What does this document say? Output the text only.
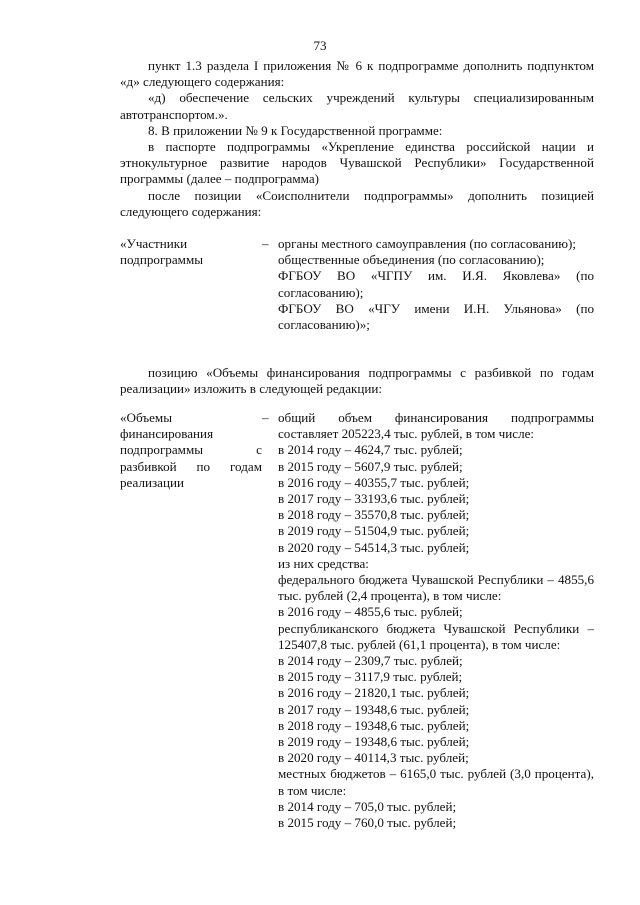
73

пункт 1.3 раздела I приложения № 6 к подпрограмме дополнить подпунктом «д» следующего содержания:

«д) обеспечение сельских учреждений культуры специализированным автотранспортом.».

8. В приложении № 9 к Государственной программе:

в паспорте подпрограммы «Укрепление единства российской нации и этнокультурное развитие народов Чувашской Республики» Государственной программы (далее – подпрограмма)

после позиции «Соисполнители подпрограммы» дополнить позицией следующего содержания:

«Участники подпрограммы

– органы местного самоуправления (по согласованию);

общественные объединения (по согласованию);

ФГБОУ ВО «ЧГПУ им. И.Я. Яковлева» (по согласованию);

ФГБОУ ВО «ЧГУ имени И.Н. Ульянова» (по согласованию)»;

позицию «Объемы финансирования подпрограммы с разбивкой по годам реализации» изложить в следующей редакции:

«Объемы финансирования подпрограммы с разбивкой по годам реализации

– общий объем финансирования подпрограммы составляет 205223,4 тыс. рублей, в том числе:

в 2014 году – 4624,7 тыс. рублей;

в 2015 году – 5607,9 тыс. рублей;

в 2016 году – 40355,7 тыс. рублей;

в 2017 году – 33193,6 тыс. рублей;

в 2018 году – 35570,8 тыс. рублей;

в 2019 году – 51504,9 тыс. рублей;

в 2020 году – 54514,3 тыс. рублей;

из них средства:

федерального бюджета Чувашской Республики – 4855,6 тыс. рублей (2,4 процента), в том числе:

в 2016 году – 4855,6 тыс. рублей;

республиканского бюджета Чувашской Республики – 125407,8 тыс. рублей (61,1 процента), в том числе:

в 2014 году – 2309,7 тыс. рублей;

в 2015 году – 3117,9 тыс. рублей;

в 2016 году – 21820,1 тыс. рублей;

в 2017 году – 19348,6 тыс. рублей;

в 2018 году – 19348,6 тыс. рублей;

в 2019 году – 19348,6 тыс. рублей;

в 2020 году – 40114,3 тыс. рублей;

местных бюджетов – 6165,0 тыс. рублей (3,0 процента), в том числе:

в 2014 году – 705,0 тыс. рублей;

в 2015 году – 760,0 тыс. рублей;
